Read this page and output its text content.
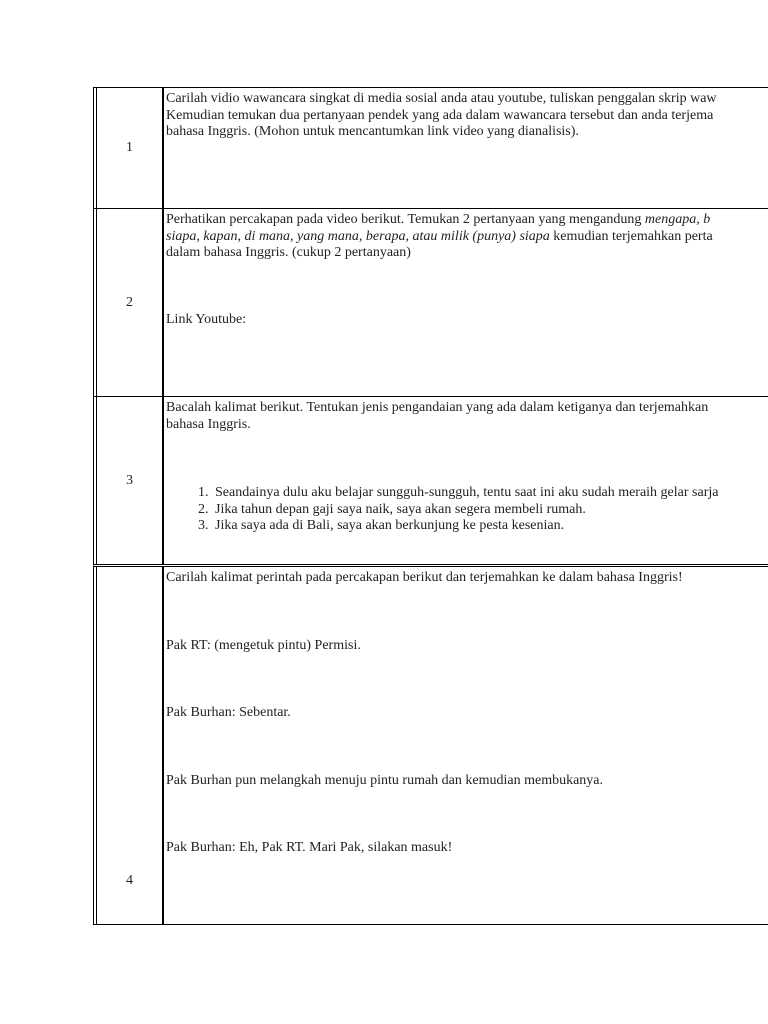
1

Carilah vidio wawancara singkat di media sosial anda atau youtube, tuliskan penggalan skrip waw

Kemudian temukan dua pertanyaan pendek yang ada dalam wawancara tersebut dan anda terjema

bahasa Inggris. (Mohon untuk mencantumkan link video yang dianalisis).

2

Perhatikan percakapan pada video berikut. Temukan 2 pertanyaan yang mengandung mengapa, b

siapa, kapan, di mana, yang mana, berapa, atau milik (punya) siapa kemudian terjemahkan perta

dalam bahasa Inggris. (cukup 2 pertanyaan)

Link Youtube:

3

Bacalah kalimat berikut. Tentukan jenis pengandaian yang ada dalam ketiganya dan terjemahkan

bahasa Inggris.

1. Seandainya dulu aku belajar sungguh-sungguh, tentu saat ini aku sudah meraih gelar sarja
2. Jika tahun depan gaji saya naik, saya akan segera membeli rumah.
3. Jika saya ada di Bali, saya akan berkunjung ke pesta kesenian.
4

Carilah kalimat perintah pada percakapan berikut dan terjemahkan ke dalam bahasa Inggris!

Pak RT: (mengetuk pintu) Permisi.

Pak Burhan: Sebentar.

Pak Burhan pun melangkah menuju pintu rumah dan kemudian membukanya.

Pak Burhan: Eh, Pak RT. Mari Pak, silakan masuk!
